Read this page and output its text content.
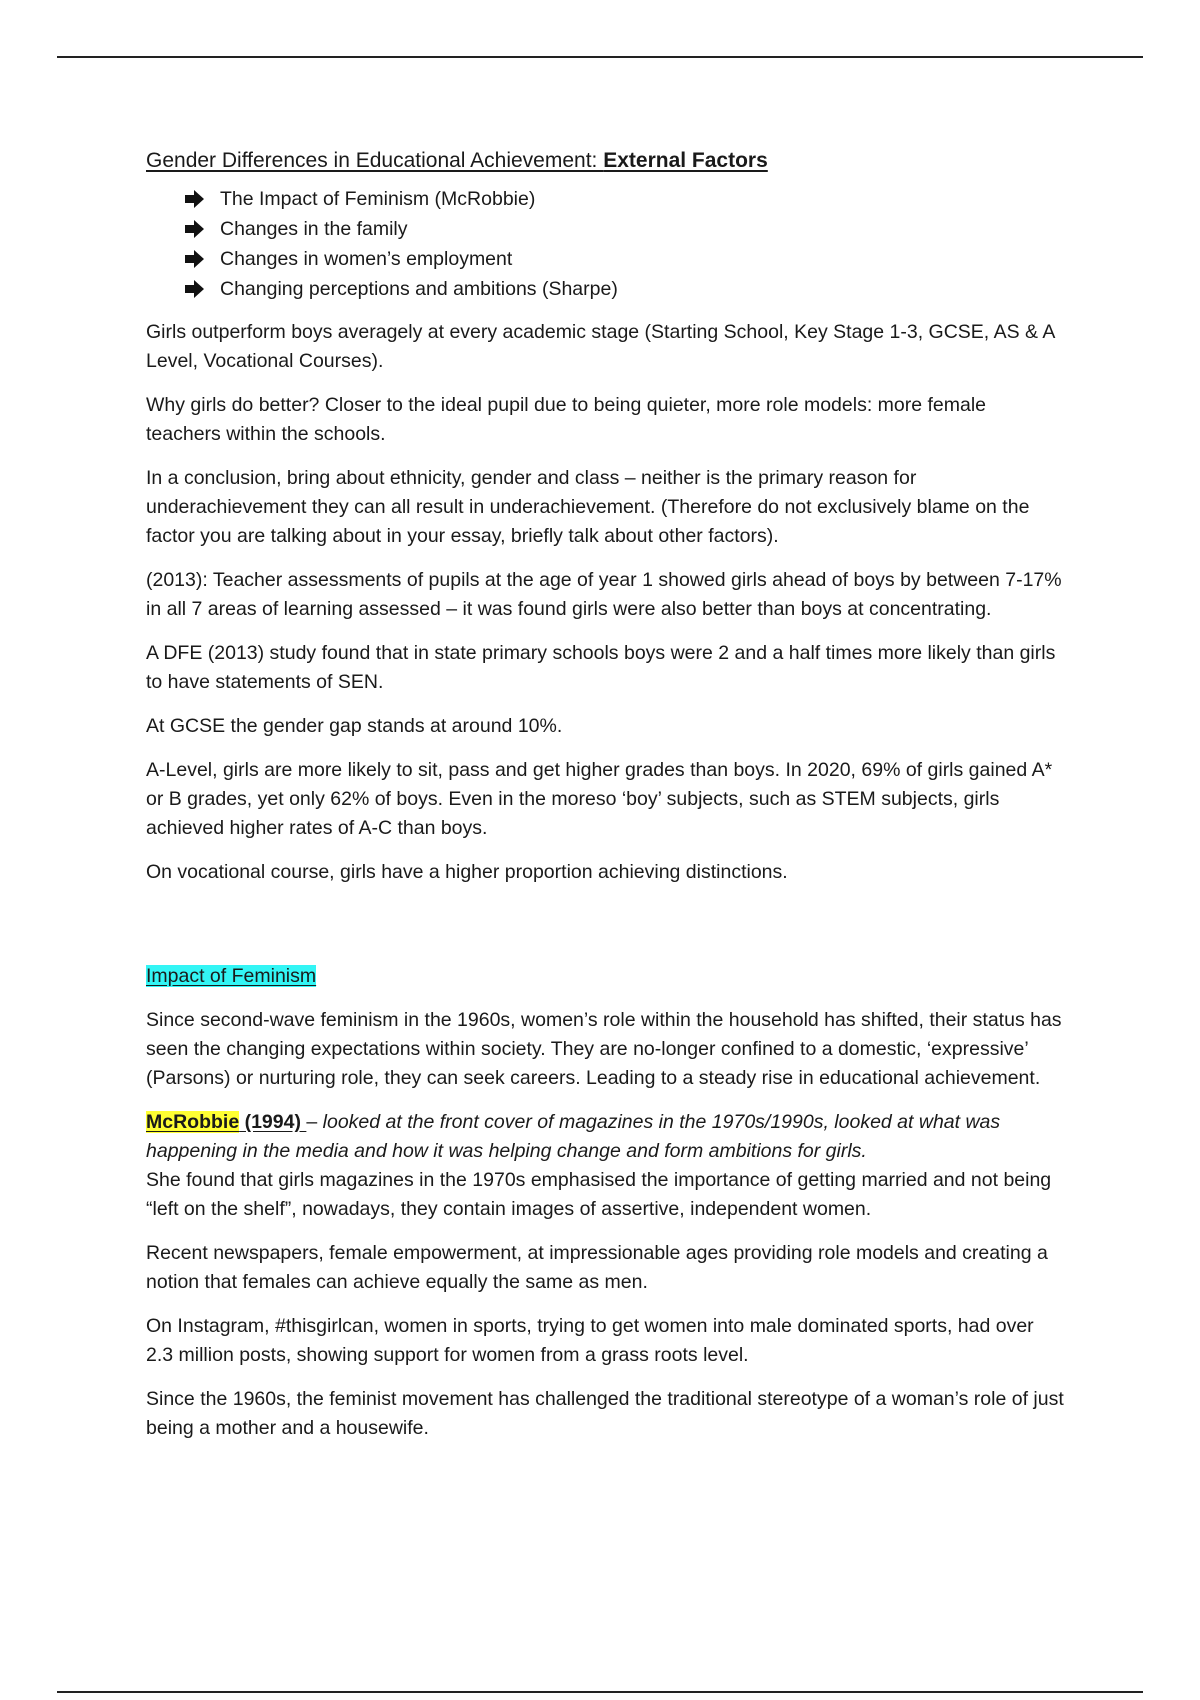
Gender Differences in Educational Achievement: External Factors
The Impact of Feminism (McRobbie)
Changes in the family
Changes in women’s employment
Changing perceptions and ambitions (Sharpe)

Girls outperform boys averagely at every academic stage (Starting School, Key Stage 1-3, GCSE, AS & A Level, Vocational Courses).

Why girls do better? Closer to the ideal pupil due to being quieter, more role models: more female teachers within the schools.

In a conclusion, bring about ethnicity, gender and class – neither is the primary reason for underachievement they can all result in underachievement. (Therefore do not exclusively blame on the factor you are talking about in your essay, briefly talk about other factors).

(2013): Teacher assessments of pupils at the age of year 1 showed girls ahead of boys by between 7-17% in all 7 areas of learning assessed – it was found girls were also better than boys at concentrating.

A DFE (2013) study found that in state primary schools boys were 2 and a half times more likely than girls to have statements of SEN.

At GCSE the gender gap stands at around 10%.

A-Level, girls are more likely to sit, pass and get higher grades than boys. In 2020, 69% of girls gained A* or B grades, yet only 62% of boys. Even in the moreso ‘boy’ subjects, such as STEM subjects, girls achieved higher rates of A-C than boys.

On vocational course, girls have a higher proportion achieving distinctions.

Impact of Feminism

Since second-wave feminism in the 1960s, women’s role within the household has shifted, their status has seen the changing expectations within society. They are no-longer confined to a domestic, ‘expressive’ (Parsons) or nurturing role, they can seek careers. Leading to a steady rise in educational achievement.

McRobbie (1994) – looked at the front cover of magazines in the 1970s/1990s, looked at what was happening in the media and how it was helping change and form ambitions for girls.
She found that girls magazines in the 1970s emphasised the importance of getting married and not being “left on the shelf”, nowadays, they contain images of assertive, independent women.

Recent newspapers, female empowerment, at impressionable ages providing role models and creating a notion that females can achieve equally the same as men.

On Instagram, #thisgirlcan, women in sports, trying to get women into male dominated sports, had over 2.3 million posts, showing support for women from a grass roots level.

Since the 1960s, the feminist movement has challenged the traditional stereotype of a woman’s role of just being a mother and a housewife.
